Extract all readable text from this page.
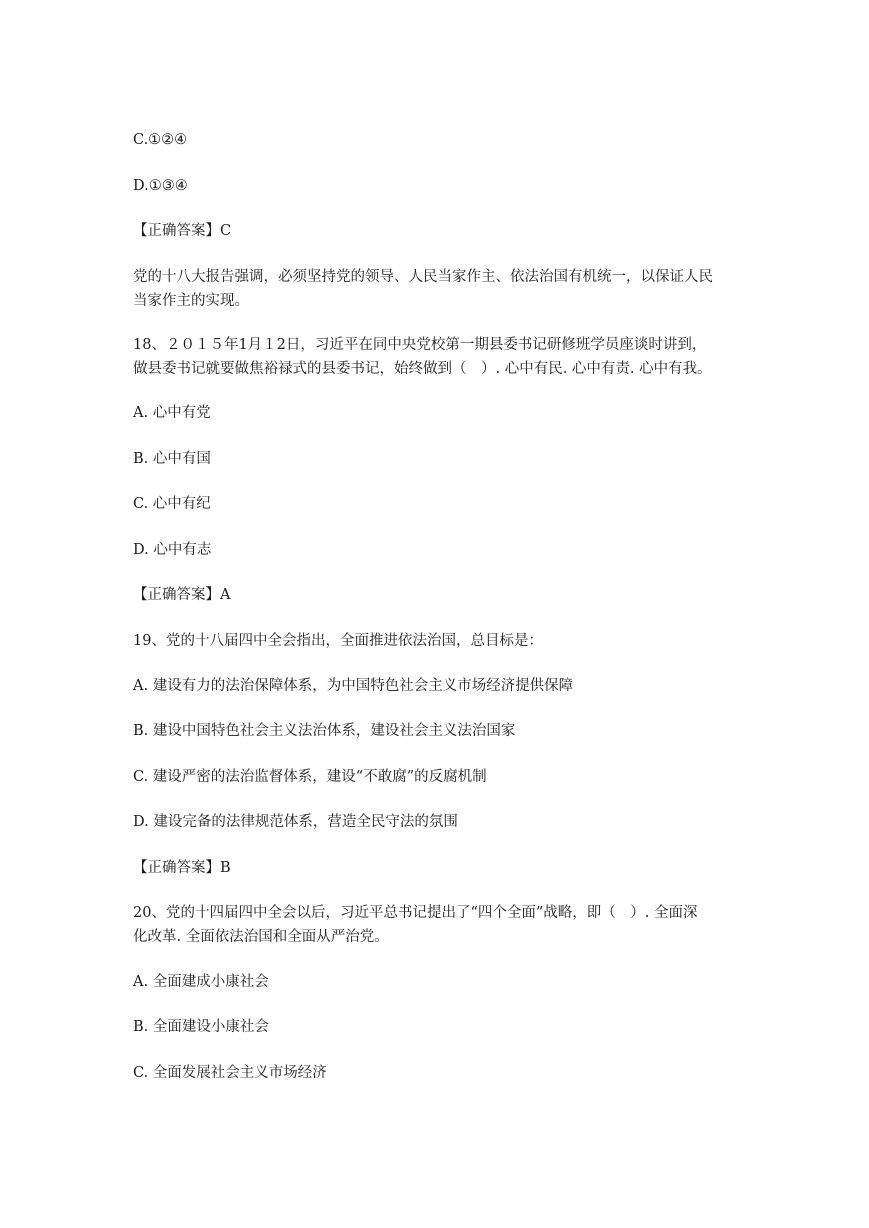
C.①②④
D.①③④
【正确答案】C
党的十八大报告强调，必须坚持党的领导、人民当家作主、依法治国有机统一，以保证人民
当家作主的实现。
18、２０１５年1月１2日，习近平在同中央党校第一期县委书记研修班学员座谈时讲到，
做县委书记就要做焦裕禄式的县委书记，始终做到（　）. 心中有民. 心中有责. 心中有我。
A. 心中有党
B. 心中有国
C. 心中有纪
D. 心中有志
【正确答案】A
19、党的十八届四中全会指出，全面推进依法治国，总目标是：
A. 建设有力的法治保障体系，为中国特色社会主义市场经济提供保障
B. 建设中国特色社会主义法治体系，建设社会主义法治国家
C. 建设严密的法治监督体系，建设“不敢腐”的反腐机制
D. 建设完备的法律规范体系，营造全民守法的氛围
【正确答案】B
20、党的十四届四中全会以后，习近平总书记提出了“四个全面”战略，即（　）. 全面深
化改革. 全面依法治国和全面从严治党。
A. 全面建成小康社会
B. 全面建设小康社会
C. 全面发展社会主义市场经济
